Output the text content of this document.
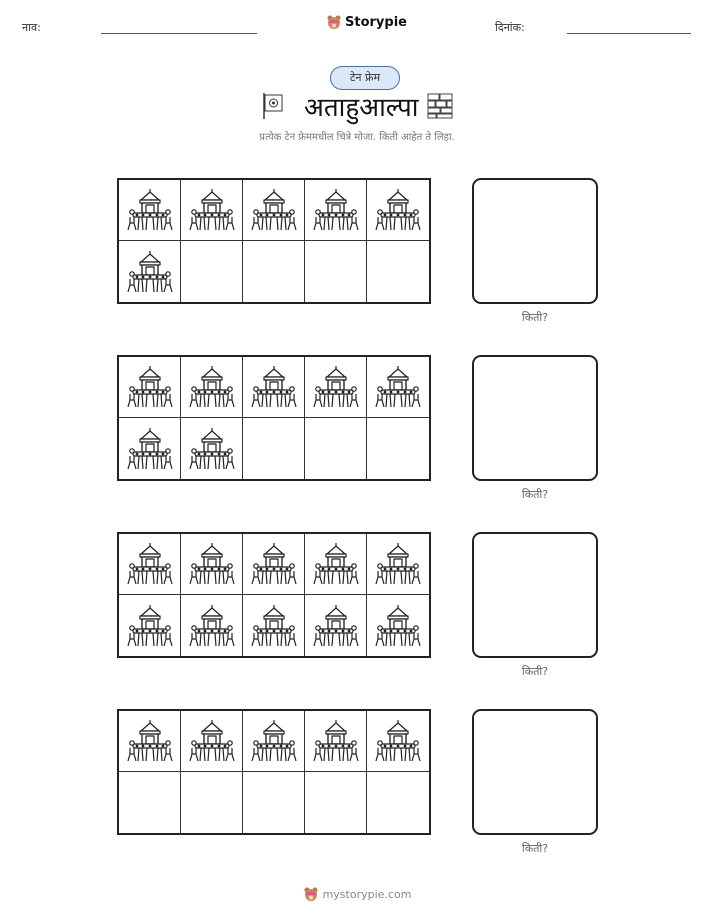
नाव:	Storypie	दिनांक:
टेन फ्रेम
अताहुआल्पा
प्रत्येक टेन फ्रेममधील चित्रे मोजा. किती आहेत ते लिहा.
किती?
किती?
किती?
किती?
mystorypie.com
